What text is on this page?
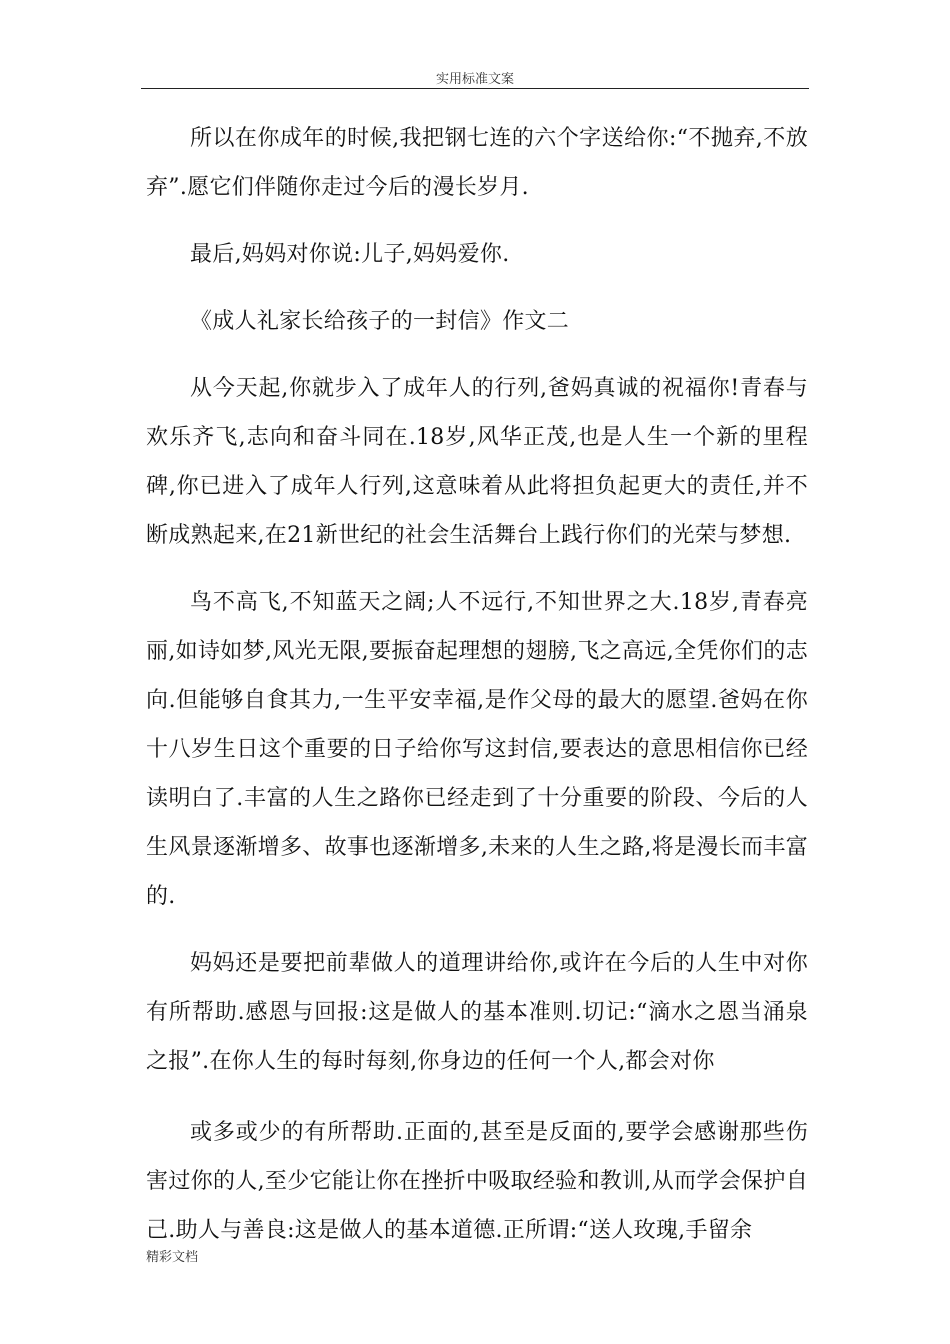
实用标准文案

所以在你成年的时候,我把钢七连的六个字送给你:“不抛弃,不放弃”.愿它们伴随你走过今后的漫长岁月.

最后,妈妈对你说:儿子,妈妈爱你.

《成人礼家长给孩子的一封信》作文二

从今天起,你就步入了成年人的行列,爸妈真诚的祝福你!青春与欢乐齐飞,志向和奋斗同在.18岁,风华正茂,也是人生一个新的里程碑,你已进入了成年人行列,这意味着从此将担负起更大的责任,并不断成熟起来,在21新世纪的社会生活舞台上践行你们的光荣与梦想.

鸟不高飞,不知蓝天之阔;人不远行,不知世界之大.18岁,青春亮丽,如诗如梦,风光无限,要振奋起理想的翅膀,飞之高远,全凭你们的志向.但能够自食其力,一生平安幸福,是作父母的最大的愿望.爸妈在你十八岁生日这个重要的日子给你写这封信,要表达的意思相信你已经读明白了.丰富的人生之路你已经走到了十分重要的阶段、今后的人生风景逐渐增多、故事也逐渐增多,未来的人生之路,将是漫长而丰富的.

妈妈还是要把前辈做人的道理讲给你,或许在今后的人生中对你有所帮助.感恩与回报:这是做人的基本准则.切记:“滴水之恩当涌泉之报”.在你人生的每时每刻,你身边的任何一个人,都会对你

或多或少的有所帮助.正面的,甚至是反面的,要学会感谢那些伤害过你的人,至少它能让你在挫折中吸取经验和教训,从而学会保护自己.助人与善良:这是做人的基本道德.正所谓:“送人玫瑰,手留余

精彩文档
